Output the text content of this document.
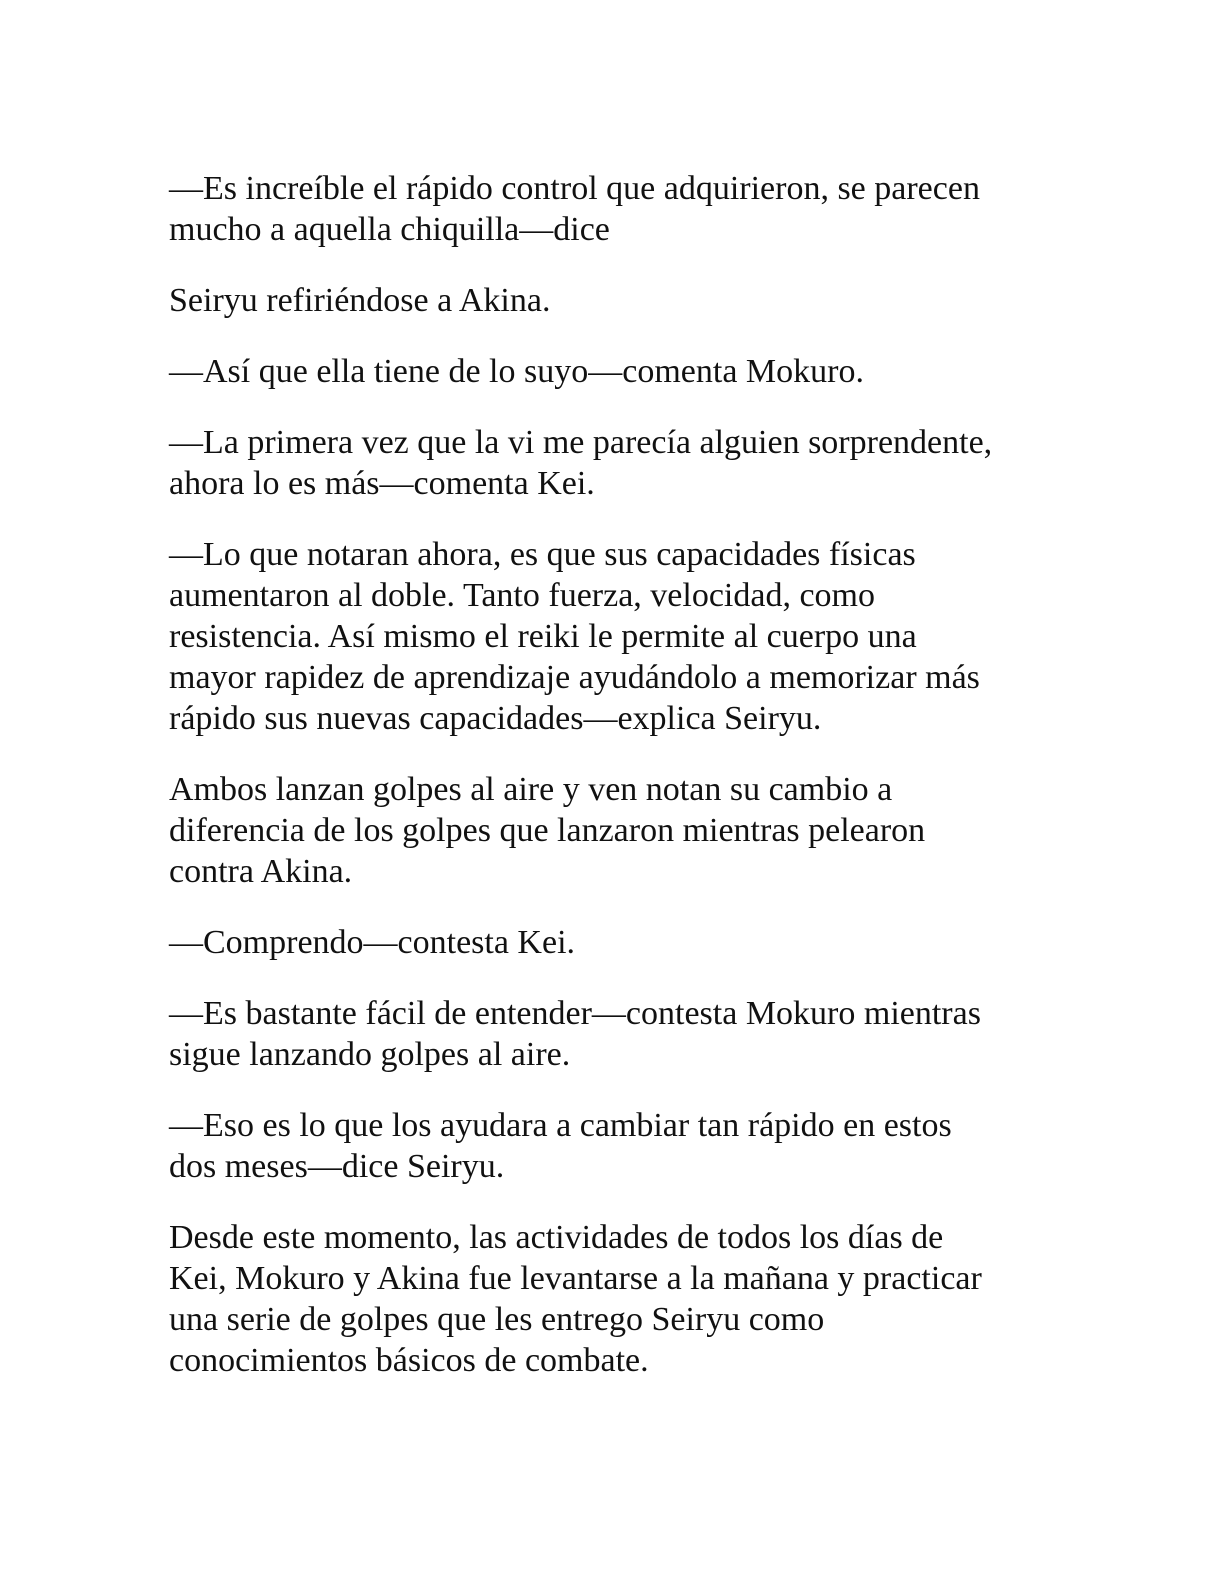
—Es increíble el rápido control que adquirieron, se parecen
mucho a aquella chiquilla—dice

Seiryu refiriéndose a Akina.

—Así que ella tiene de lo suyo—comenta Mokuro.

—La primera vez que la vi me parecía alguien sorprendente,
ahora lo es más—comenta Kei.

—Lo que notaran ahora, es que sus capacidades físicas
aumentaron al doble. Tanto fuerza, velocidad, como
resistencia. Así mismo el reiki le permite al cuerpo una
mayor rapidez de aprendizaje ayudándolo a memorizar más
rápido sus nuevas capacidades—explica Seiryu.

Ambos lanzan golpes al aire y ven notan su cambio a
diferencia de los golpes que lanzaron mientras pelearon
contra Akina.

—Comprendo—contesta Kei.

—Es bastante fácil de entender—contesta Mokuro mientras
sigue lanzando golpes al aire.

—Eso es lo que los ayudara a cambiar tan rápido en estos
dos meses—dice Seiryu.

Desde este momento, las actividades de todos los días de
Kei, Mokuro y Akina fue levantarse a la mañana y practicar
una serie de golpes que les entrego Seiryu como
conocimientos básicos de combate.
